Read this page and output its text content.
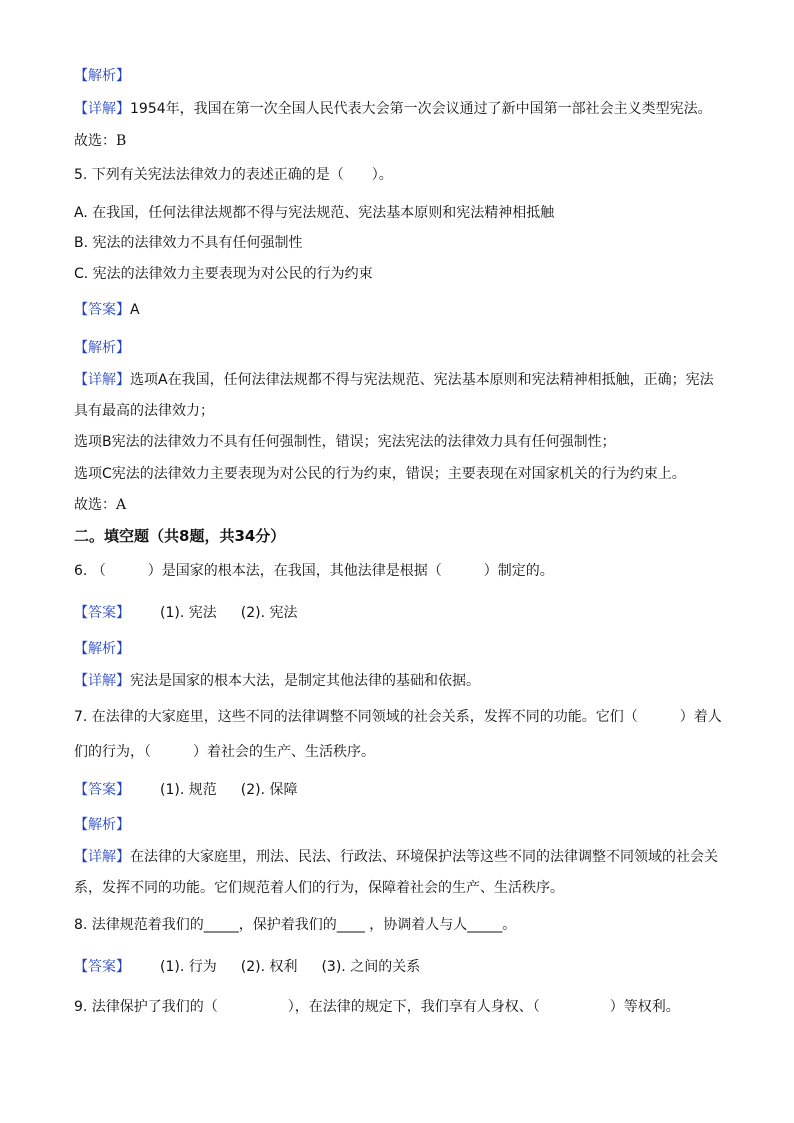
【解析】
【详解】1954年，我国在第一次全国人民代表大会第一次会议通过了新中国第一部社会主义类型宪法。
故选：B
5. 下列有关宪法法律效力的表述正确的是（　　）。
A. 在我国，任何法律法规都不得与宪法规范、宪法基本原则和宪法精神相抵触
B. 宪法的法律效力不具有任何强制性
C. 宪法的法律效力主要表现为对公民的行为约束
【答案】A
【解析】
【详解】选项A在我国，任何法律法规都不得与宪法规范、宪法基本原则和宪法精神相抵触，正确；宪法
具有最高的法律效力；
选项B宪法的法律效力不具有任何强制性，错误；宪法宪法的法律效力具有任何强制性；
选项C宪法的法律效力主要表现为对公民的行为约束，错误；主要表现在对国家机关的行为约束上。
故选：A
二。填空题（共8题，共34分）
6. （　　　）是国家的根本法，在我国，其他法律是根据（　　　）制定的。
【答案】 (1). 宪法 (2). 宪法
【解析】
【详解】宪法是国家的根本大法，是制定其他法律的基础和依据。
7. 在法律的大家庭里，这些不同的法律调整不同领域的社会关系，发挥不同的功能。它们（　　　）着人
们的行为，（　　　）着社会的生产、生活秩序。
【答案】 (1). 规范 (2). 保障
【解析】
【详解】在法律的大家庭里，刑法、民法、行政法、环境保护法等这些不同的法律调整不同领域的社会关
系，发挥不同的功能。它们规范着人们的行为，保障着社会的生产、生活秩序。
8. 法律规范着我们的_____，保护着我们的____ ，协调着人与人_____。
【答案】 (1). 行为 (2). 权利 (3). 之间的关系
9. 法律保护了我们的（　　　　　），在法律的规定下，我们享有人身权、（　　　　　）等权利。
